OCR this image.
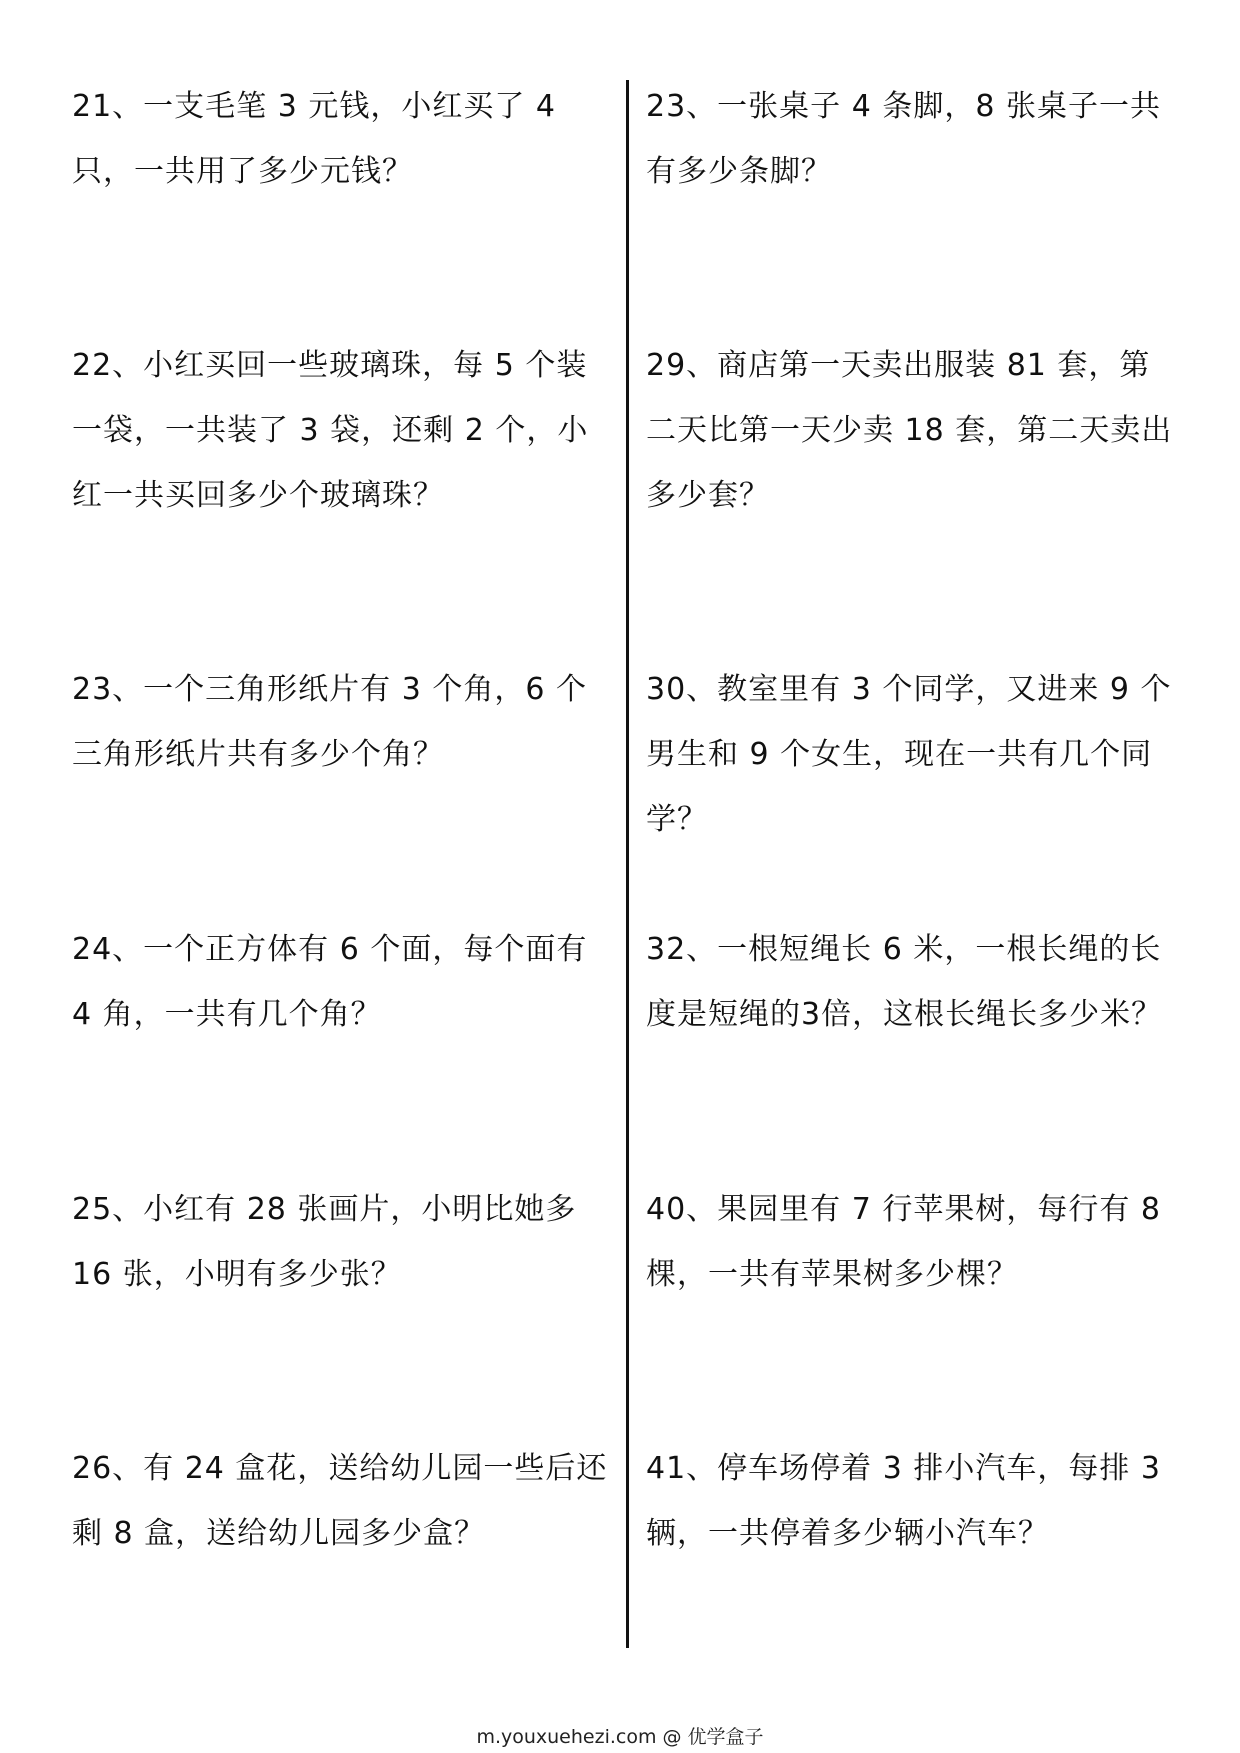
21、一支毛笔 3 元钱，小红买了 4 只，一共用了多少元钱？
22、小红买回一些玻璃珠，每 5 个装一袋，一共装了 3 袋，还剩 2 个，小红一共买回多少个玻璃珠？
23、一个三角形纸片有 3 个角，6 个三角形纸片共有多少个角？
24、一个正方体有 6 个面，每个面有 4 角，一共有几个角？
25、小红有 28 张画片，小明比她多 16 张，小明有多少张？
26、有 24 盒花，送给幼儿园一些后还剩 8 盒，送给幼儿园多少盒？
23、一张桌子 4 条脚，8 张桌子一共有多少条脚？
29、商店第一天卖出服装 81 套，第二天比第一天少卖 18 套，第二天卖出多少套？
30、教室里有 3 个同学，又进来 9 个男生和 9 个女生，现在一共有几个同学？
32、一根短绳长 6 米，一根长绳的长度是短绳的3倍，这根长绳长多少米？
40、果园里有 7 行苹果树，每行有 8 棵，一共有苹果树多少棵？
41、停车场停着 3 排小汽车，每排 3 辆，一共停着多少辆小汽车？
m.youxuehezi.com @ 优学盒子
